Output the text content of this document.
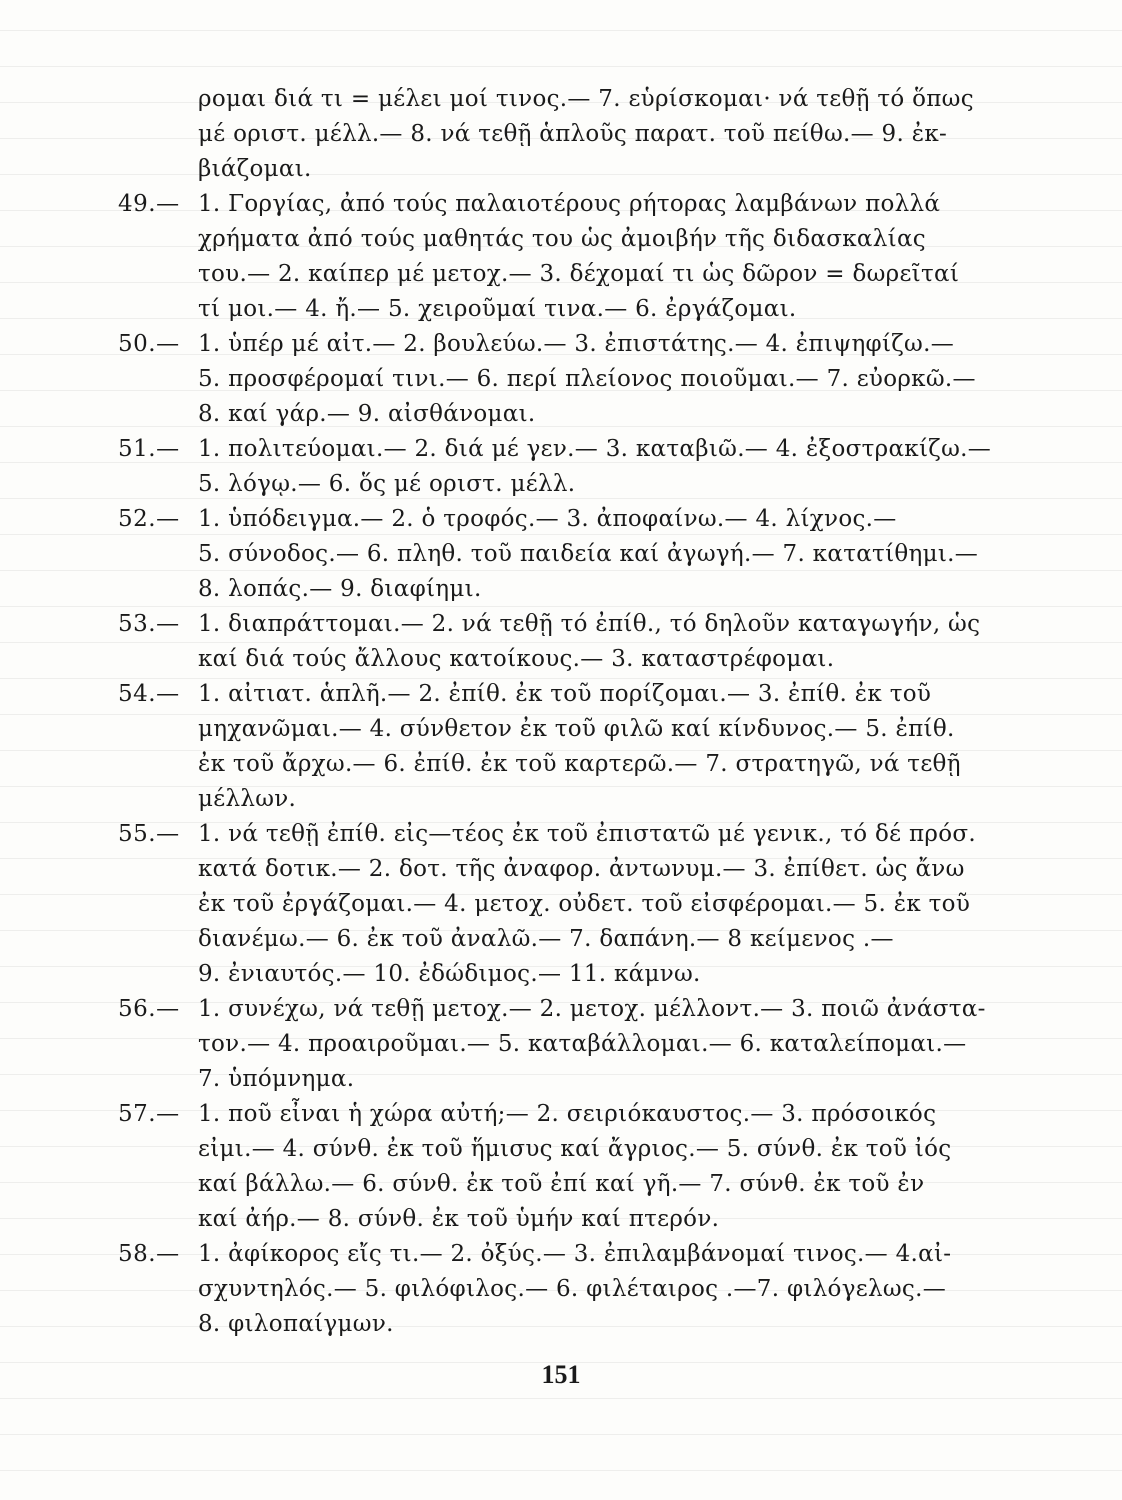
ρομαι διά τι = μέλει μοί τινος.— 7. εὑρίσκομαι· νά τεθῇ τό ὅπως
μέ οριστ. μέλλ.— 8. νά τεθῇ ἁπλοῦς παρατ. τοῦ πείθω.— 9. ἐκ-
βιάζομαι.
49.— 1. Γοργίας, ἀπό τούς παλαιοτέρους ρήτορας λαμβάνων πολλά
χρήματα ἀπό τούς μαθητάς του ὡς ἀμοιβήν τῆς διδασκαλίας
του.— 2. καίπερ μέ μετοχ.— 3. δέχομαί τι ὡς δῶρον = δωρεῖταί
τί μοι.— 4. ἤ.— 5. χειροῦμαί τινα.— 6. ἐργάζομαι.
50.— 1. ὑπέρ μέ αἰτ.— 2. βουλεύω.— 3. ἐπιστάτης.— 4. ἐπιψηφίζω.—
5. προσφέρομαί τινι.— 6. περί πλείονος ποιοῦμαι.— 7. εὐορκῶ.—
8. καί γάρ.— 9. αἰσθάνομαι.
51.— 1. πολιτεύομαι.— 2. διά μέ γεν.— 3. καταβιῶ.— 4. ἐξοστρακίζω.—
5. λόγῳ.— 6. ὅς μέ οριστ. μέλλ.
52.— 1. ὑπόδειγμα.— 2. ὁ τροφός.— 3. ἀποφαίνω.— 4. λίχνος.—
5. σύνοδος.— 6. πληθ. τοῦ παιδεία καί ἀγωγή.— 7. κατατίθημι.—
8. λοπάς.— 9. διαφίημι.
53.— 1. διαπράττομαι.— 2. νά τεθῇ τό ἐπίθ., τό δηλοῦν καταγωγήν, ὡς
καί διά τούς ἄλλους κατοίκους.— 3. καταστρέφομαι.
54.— 1. αἰτιατ. ἁπλῆ.— 2. ἐπίθ. ἐκ τοῦ πορίζομαι.— 3. ἐπίθ. ἐκ τοῦ
μηχανῶμαι.— 4. σύνθετον ἐκ τοῦ φιλῶ καί κίνδυνος.— 5. ἐπίθ.
ἐκ τοῦ ἄρχω.— 6. ἐπίθ. ἐκ τοῦ καρτερῶ.— 7. στρατηγῶ, νά τεθῇ
μέλλων.
55.— 1. νά τεθῇ ἐπίθ. εἰς—τέος ἐκ τοῦ ἐπιστατῶ μέ γενικ., τό δέ πρόσ.
κατά δοτικ.— 2. δοτ. τῆς ἀναφορ. ἀντωνυμ.— 3. ἐπίθετ. ὡς ἄνω
ἐκ τοῦ ἐργάζομαι.— 4. μετοχ. οὐδετ. τοῦ εἰσφέρομαι.— 5. ἐκ τοῦ
διανέμω.— 6. ἐκ τοῦ ἀναλῶ.— 7. δαπάνη.— 8 κείμενος .—
9. ἐνιαυτός.— 10. ἐδώδιμος.— 11. κάμνω.
56.— 1. συνέχω, νά τεθῇ μετοχ.— 2. μετοχ. μέλλοντ.— 3. ποιῶ ἀνάστα-
τον.— 4. προαιροῦμαι.— 5. καταβάλλομαι.— 6. καταλείπομαι.—
7. ὑπόμνημα.
57.— 1. ποῦ εἶναι ἡ χώρα αὐτή;— 2. σειριόκαυστος.— 3. πρόσοικός
εἰμι.— 4. σύνθ. ἐκ τοῦ ἥμισυς καί ἄγριος.— 5. σύνθ. ἐκ τοῦ ἰός
καί βάλλω.— 6. σύνθ. ἐκ τοῦ ἐπί καί γῆ.— 7. σύνθ. ἐκ τοῦ ἐν
καί ἀήρ.— 8. σύνθ. ἐκ τοῦ ὑμήν καί πτερόν.
58.— 1. ἀφίκορος εἴς τι.— 2. ὀξύς.— 3. ἐπιλαμβάνομαί τινος.— 4.αἰ-
σχυντηλός.— 5. φιλόφιλος.— 6. φιλέταιρος .—7. φιλόγελως.—
8. φιλοπαίγμων.
151
